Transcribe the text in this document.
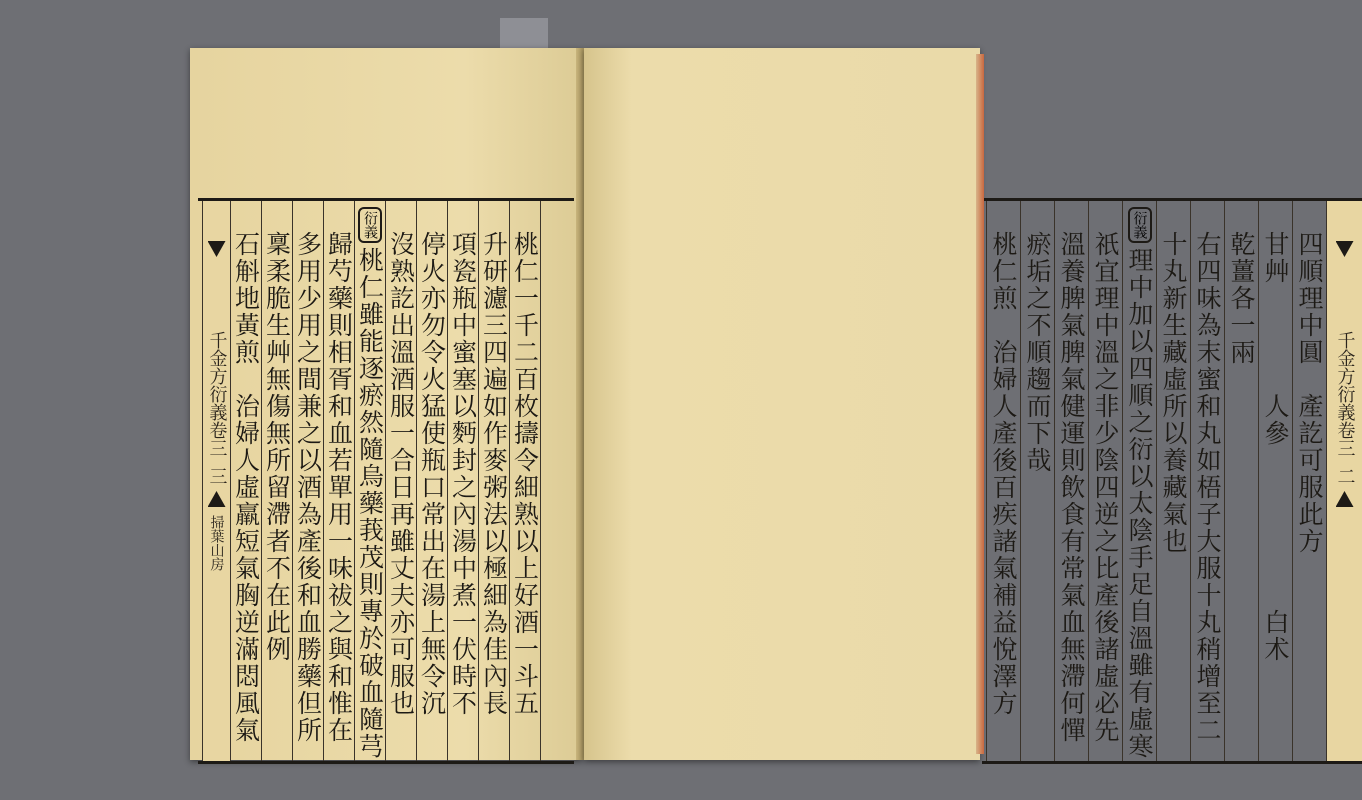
桃仁一千二百枚擣令細熟以上好酒一斗五
升研濾三四遍如作麥粥法以極細為佳內長
項瓷瓶中蜜塞以麪封之內湯中煮一伏時不
停火亦勿令火猛使瓶口常出在湯上無令沉
沒熟訖出溫酒服一合日再雖丈夫亦可服也
衍義
桃仁雖能逐瘀然隨烏藥莪茂則專於破血隨芎
歸芍藥則相胥和血若單用一味祓之與和惟在
多用少用之間兼之以酒為產後和血勝藥但所
稟柔脆生艸無傷無所留滯者不在此例
石斛地黃煎　治婦人虛羸短氣胸逆滿悶風氣
千金方衍義卷三
三
掃葉山房
千金方衍義卷三
二
四順理中圓　產訖可服此方
甘艸　　　　人參　　　　　　白术
乾薑各一兩
右四味為末蜜和丸如梧子大服十丸稍增至二
十丸新生藏虛所以養藏氣也
衍義
理中加以四順之衍以太陰手足自溫雖有虛寒
祇宜理中溫之非少陰四逆之比產後諸虛必先
溫養脾氣脾氣健運則飲食有常氣血無滯何憚
瘀垢之不順趨而下哉
桃仁煎　治婦人產後百疾諸氣補益悅澤方
